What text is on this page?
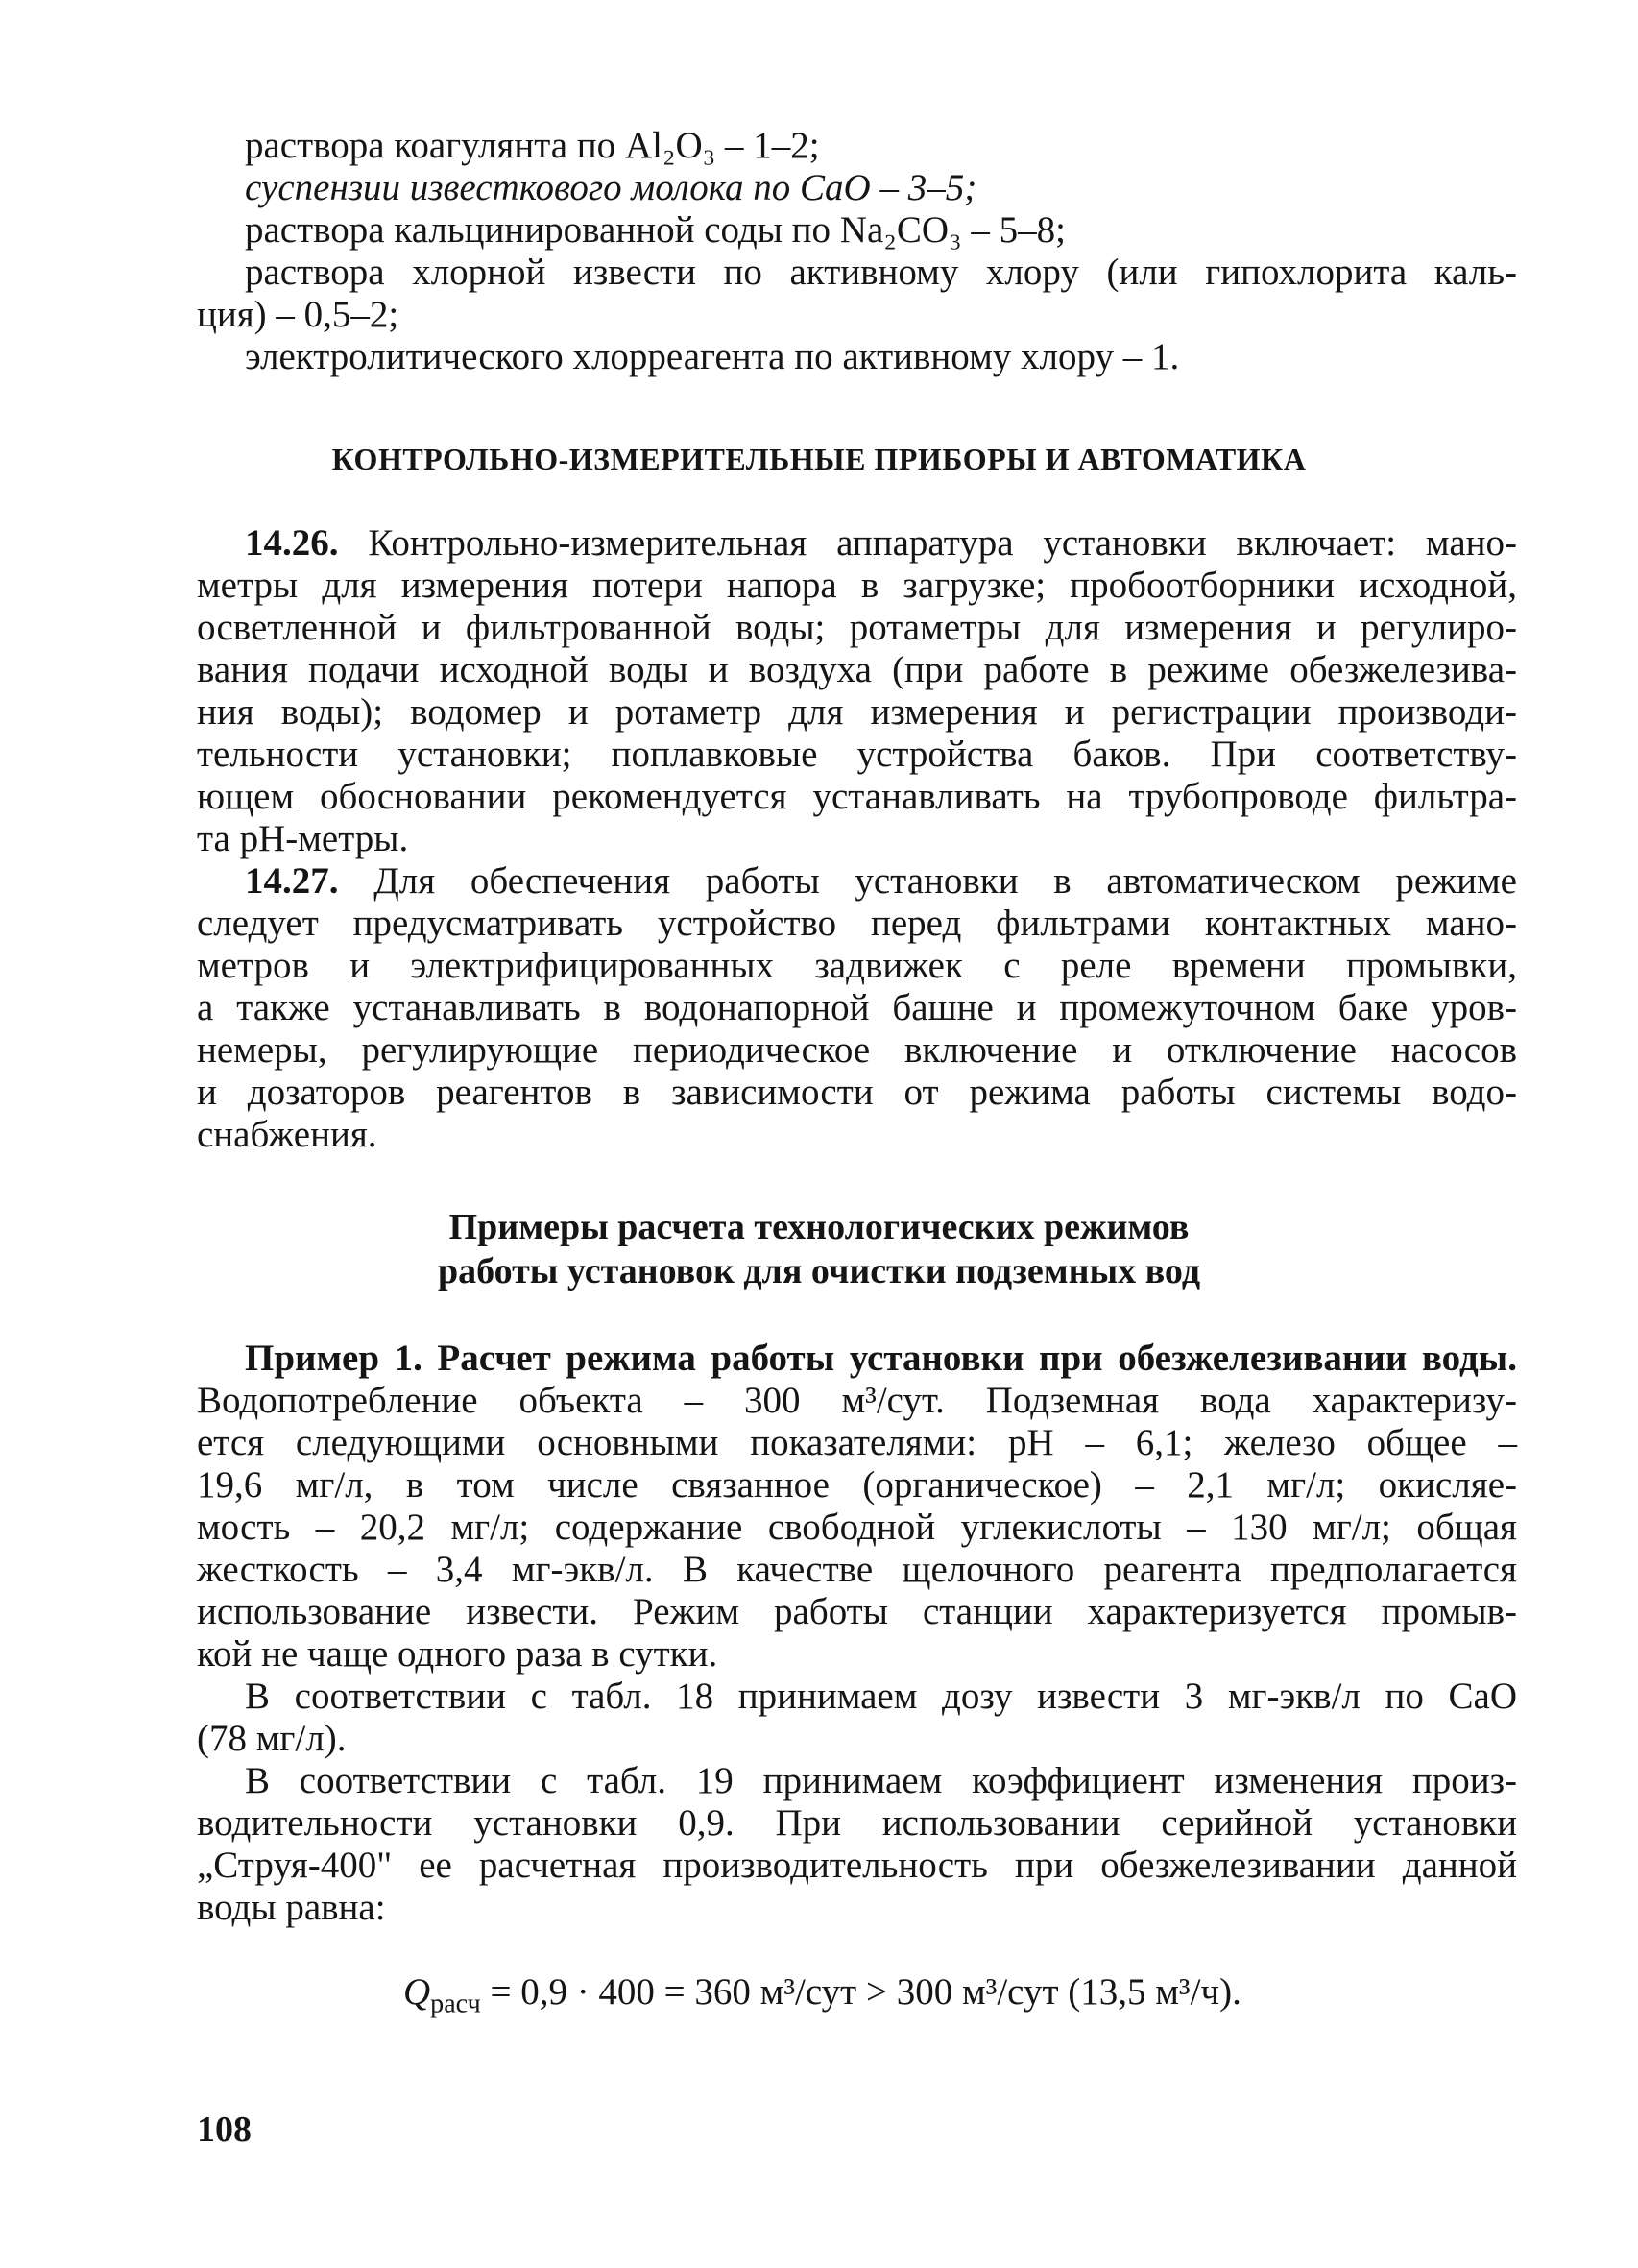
раствора коагулянта по Al₂O₃ – 1–2;
суспензии известкового молока по CaO – 3–5;
раствора кальцинированной соды по Na₂CO₃ – 5–8;
раствора хлорной извести по активному хлору (или гипохлорита каль-
ция) – 0,5–2;
электролитического хлорреагента по активному хлору – 1.
КОНТРОЛЬНО-ИЗМЕРИТЕЛЬНЫЕ ПРИБОРЫ И АВТОМАТИКА
14.26. Контрольно-измерительная аппаратура установки включает: мано-
метры для измерения потери напора в загрузке; пробоотборники исходной,
осветленной и фильтрованной воды; ротаметры для измерения и регулиро-
вания подачи исходной воды и воздуха (при работе в режиме обезжелезива-
ния воды); водомер и ротаметр для измерения и регистрации производи-
тельности установки; поплавковые устройства баков. При соответству-
ющем обосновании рекомендуется устанавливать на трубопроводе фильтра-
та pH-метры.
14.27. Для обеспечения работы установки в автоматическом режиме
следует предусматривать устройство перед фильтрами контактных мано-
метров и электрифицированных задвижек с реле времени промывки,
а также устанавливать в водонапорной башне и промежуточном баке уров-
немеры, регулирующие периодическое включение и отключение насосов
и дозаторов реагентов в зависимости от режима работы системы водо-
снабжения.
Примеры расчета технологических режимов
работы установок для очистки подземных вод
Пример 1. Расчет режима работы установки при обезжелезивании воды.
Водопотребление объекта – 300 м³/сут. Подземная вода характеризу-
ется следующими основными показателями: pH – 6,1; железо общее –
19,6 мг/л, в том числе связанное (органическое) – 2,1 мг/л; окисляе-
мость – 20,2 мг/л; содержание свободной углекислоты – 130 мг/л; общая
жесткость – 3,4 мг-экв/л. В качестве щелочного реагента предполагается
использование извести. Режим работы станции характеризуется промыв-
кой не чаще одного раза в сутки.
В соответствии с табл. 18 принимаем дозу извести 3 мг-экв/л по CaO
(78 мг/л).
В соответствии с табл. 19 принимаем коэффициент изменения произ-
водительности установки 0,9. При использовании серийной установки
„Струя-400" ее расчетная производительность при обезжелезивании данной
воды равна:
$Q_{расч} = 0,9 \cdot 400 = 360$ м³/сут > 300 м³/сут (13,5 м³/ч).
108
